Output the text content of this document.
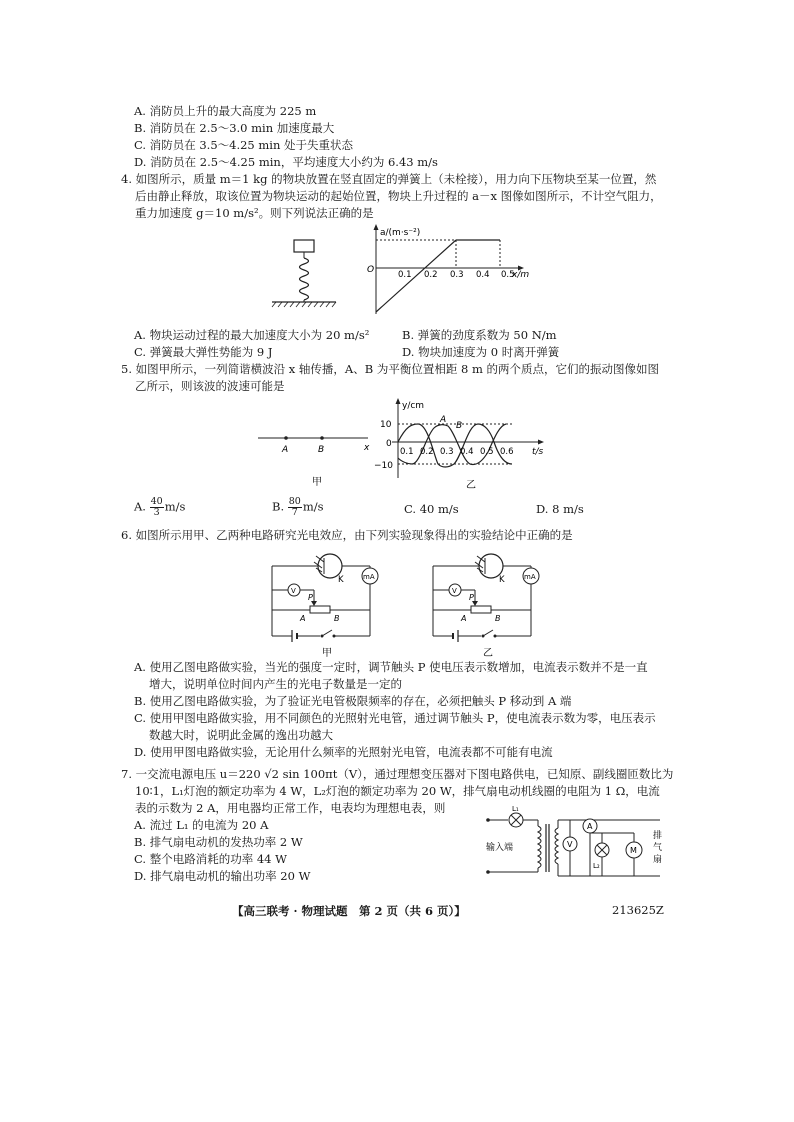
A. 消防员上升的最大高度为 225 m
B. 消防员在 2.5～3.0 min 加速度最大
C. 消防员在 3.5～4.25 min 处于失重状态
D. 消防员在 2.5～4.25 min，平均速度大小约为 6.43 m/s
4. 如图所示，质量 m＝1 kg 的物块放置在竖直固定的弹簧上（未栓接），用力向下压物块至某一位置，然
后由静止释放，取该位置为物块运动的起始位置，物块上升过程的 a－x 图像如图所示，不计空气阻力，
重力加速度 g＝10 m/s²。则下列说法正确的是
a/(m·s⁻²)
x/m
O	0.1 0.2 0.3 0.4 0.5
A. 物块运动过程的最大加速度大小为 20 m/s²	B. 弹簧的劲度系数为 50 N/m
C. 弹簧最大弹性势能为 9 J	D. 物块加速度为 0 时离开弹簧
5. 如图甲所示，一列简谐横波沿 x 轴传播，A、B 为平衡位置相距 8 m 的两个质点，它们的振动图像如图
乙所示，则该波的波速可能是
A	B	x
甲
y/cm
t/s
10
0
−10
A
B
0.1 0.2 0.3 0.4 0.5 0.6
乙
A. $\frac{40}{3} m/s$	B. $\frac{80}{7} m/s$	C. 40 m/s	D. 8 m/s
6. 如图所示用甲、乙两种电路研究光电效应，由下列实验现象得出的实验结论中正确的是
K	mA
V
P
A	B
甲
K	mA
V
P
A	B
乙
A. 使用乙图电路做实验，当光的强度一定时，调节触头 P 使电压表示数增加，电流表示数并不是一直
增大，说明单位时间内产生的光电子数量是一定的
B. 使用乙图电路做实验，为了验证光电管极限频率的存在，必须把触头 P 移动到 A 端
C. 使用甲图电路做实验，用不同颜色的光照射光电管，通过调节触头 P，使电流表示数为零，电压表示
数越大时，说明此金属的逸出功越大
D. 使用甲图电路做实验，无论用什么频率的光照射光电管，电流表都不可能有电流
7. 一交流电源电压 u＝220 √2 sin 100πt（V），通过理想变压器对下图电路供电，已知原、副线圈匝数比为
10∶1，L₁灯泡的额定功率为 4 W，L₂灯泡的额定功率为 20 W，排气扇电动机线圈的电阻为 1 Ω，电流
表的示数为 2 A，用电器均正常工作，电表均为理想电表，则
A. 流过 L₁ 的电流为 20 A
B. 排气扇电动机的发热功率 2 W
C. 整个电路消耗的功率 44 W
D. 排气扇电动机的输出功率 20 W
L₁
输入端	V
A
L₂
M
排
气
扇
【高三联考 · 物理试题　第 2 页（共 6 页）】	213625Z
